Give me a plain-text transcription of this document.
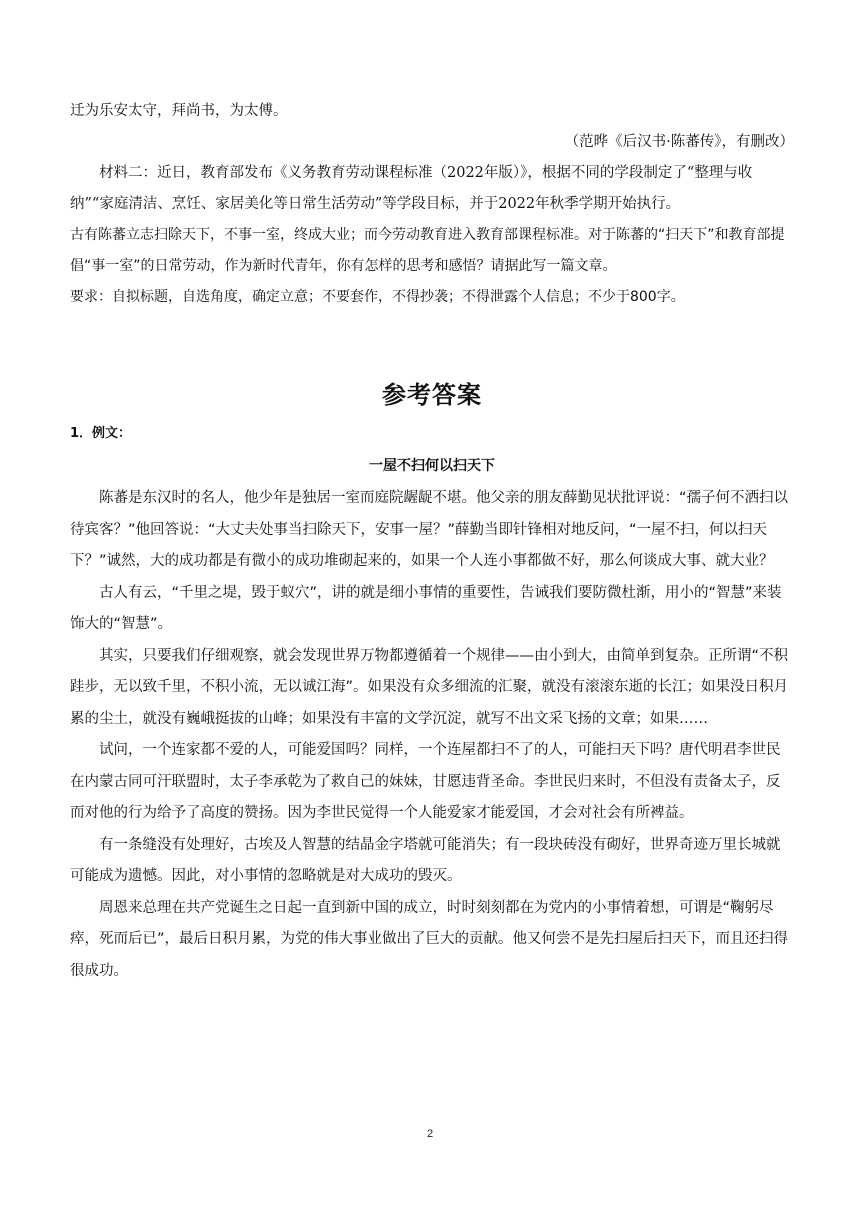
迁为乐安太守，拜尚书，为太傅。

（范晔《后汉书·陈蕃传》，有删改）

材料二：近日，教育部发布《义务教育劳动课程标准（2022年版）》，根据不同的学段制定了“整理与收纳”“家庭清洁、烹饪、家居美化等日常生活劳动”等学段目标，并于2022年秋季学期开始执行。

古有陈蕃立志扫除天下，不事一室，终成大业；而今劳动教育进入教育部课程标准。对于陈蕃的“扫天下”和教育部提倡“事一室”的日常劳动，作为新时代青年，你有怎样的思考和感悟？请据此写一篇文章。

要求：自拟标题，自选角度，确定立意；不要套作，不得抄袭；不得泄露个人信息；不少于800字。

参考答案
1．例文：
一屋不扫何以扫天下

陈蕃是东汉时的名人，他少年是独居一室而庭院龌龊不堪。他父亲的朋友薛勤见状批评说：“孺子何不洒扫以待宾客？”他回答说：“大丈夫处事当扫除天下，安事一屋？”薛勤当即针锋相对地反问，“一屋不扫，何以扫天下？”诚然，大的成功都是有微小的成功堆砌起来的，如果一个人连小事都做不好，那么何谈成大事、就大业？

古人有云，“千里之堤，毁于蚁穴”，讲的就是细小事情的重要性，告诫我们要防微杜渐，用小的“智慧”来装饰大的“智慧”。

其实，只要我们仔细观察，就会发现世界万物都遵循着一个规律——由小到大，由简单到复杂。正所谓“不积跬步，无以致千里，不积小流，无以诚江海”。如果没有众多细流的汇聚，就没有滚滚东逝的长江；如果没日积月累的尘土，就没有巍峨挺拔的山峰；如果没有丰富的文学沉淀，就写不出文采飞扬的文章；如果……

试问，一个连家都不爱的人，可能爱国吗？同样，一个连屋都扫不了的人，可能扫天下吗？唐代明君李世民在内蒙古同可汗联盟时，太子李承乾为了救自己的妹妹，甘愿违背圣命。李世民归来时，不但没有责备太子，反而对他的行为给予了高度的赞扬。因为李世民觉得一个人能爱家才能爱国，才会对社会有所裨益。

有一条缝没有处理好，古埃及人智慧的结晶金字塔就可能消失；有一段块砖没有砌好，世界奇迹万里长城就可能成为遗憾。因此，对小事情的忽略就是对大成功的毁灭。

周恩来总理在共产党诞生之日起一直到新中国的成立，时时刻刻都在为党内的小事情着想，可谓是“鞠躬尽瘁，死而后已”，最后日积月累，为党的伟大事业做出了巨大的贡献。他又何尝不是先扫屋后扫天下，而且还扫得很成功。

2
